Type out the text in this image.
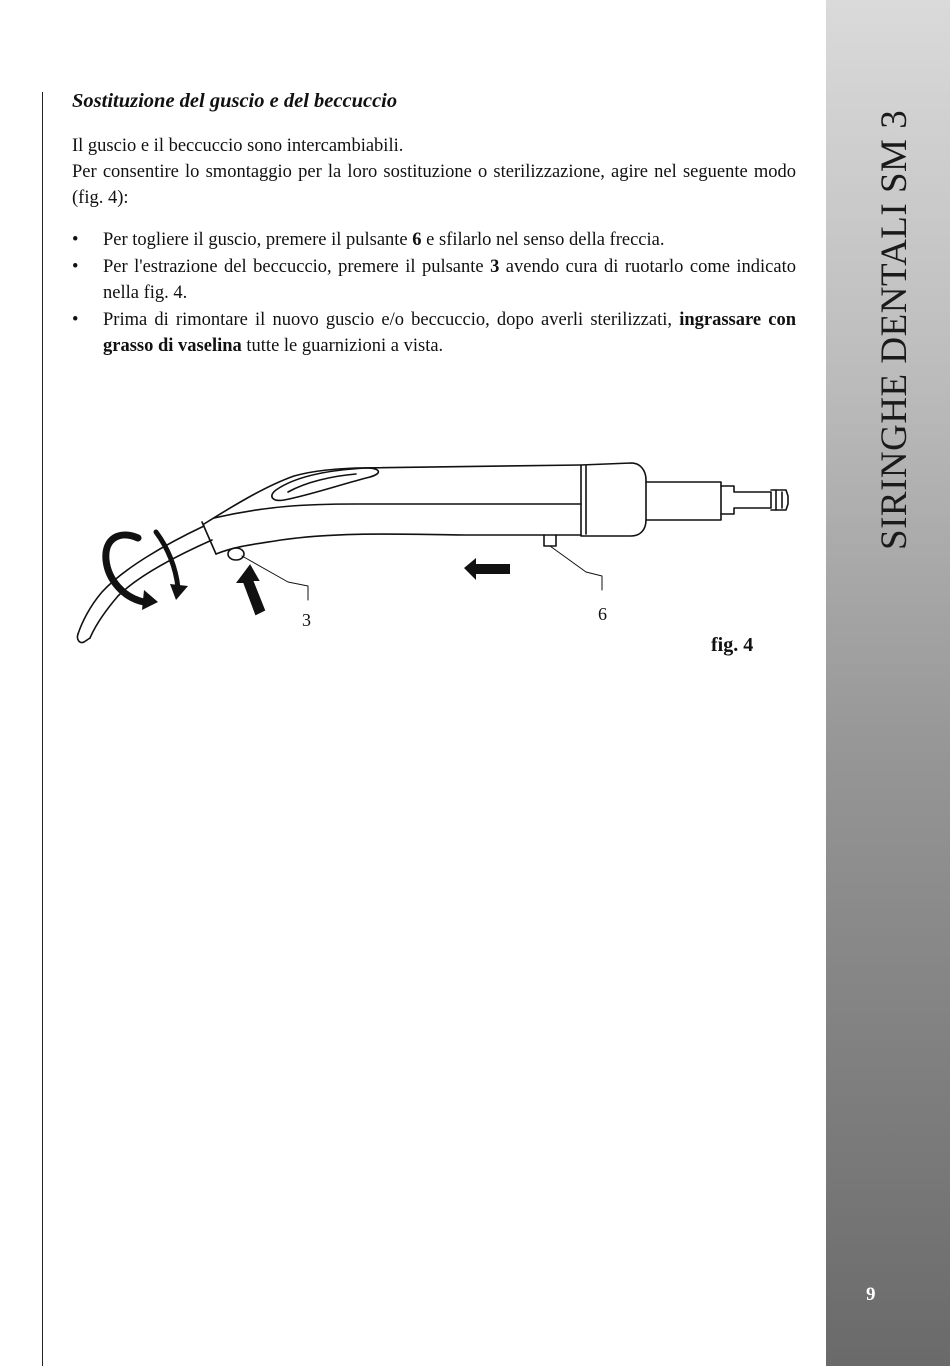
Sostituzione del guscio e del beccuccio

Il guscio e il beccuccio sono intercambiabili.

Per consentire lo smontaggio per la loro sostituzione o sterilizzazione, agire nel seguente modo (fig. 4):

• Per togliere il guscio, premere il pulsante 6 e sfilarlo nel senso della freccia.
• Per l'estrazione del beccuccio, premere il pulsante 3 avendo cura di ruotarlo come indicato nella fig. 4.
• Prima di rimontare il nuovo guscio e/o beccuccio, dopo averli sterilizzati, ingrassare con grasso di vaselina tutte le guarnizioni a vista.
3	6
fig. 4
SIRINGHE DENTALI SM 3
9
